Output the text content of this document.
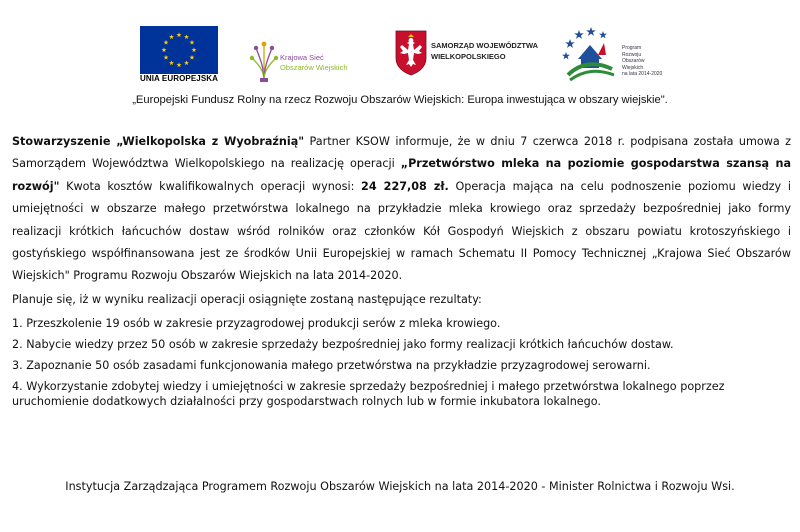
UNIA EUROPEJSKA
Krajowa Sieć
Obszarów Wiejskich
SAMORZĄD WOJEWÓDZTWA
WIELKOPOLSKIEGO
Program
Rozwoju
Obszarów
Wiejskich
na lata 2014-2020

„Europejski Fundusz Rolny na rzecz Rozwoju Obszarów Wiejskich: Europa inwestująca w obszary wiejskie".

Stowarzyszenie „Wielkopolska z Wyobraźnią" Partner KSOW informuje, że w dniu 7 czerwca 2018 r. podpisana została umowa z Samorządem Województwa Wielkopolskiego na realizację operacji „Przetwórstwo mleka na poziomie gospodarstwa szansą na rozwój" Kwota kosztów kwalifikowalnych operacji wynosi: 24 227,08 zł. Operacja mająca na celu podnoszenie poziomu wiedzy i umiejętności w obszarze małego przetwórstwa lokalnego na przykładzie mleka krowiego oraz sprzedaży bezpośredniej jako formy realizacji krótkich łańcuchów dostaw wśród rolników oraz członków Kół Gospodyń Wiejskich z obszaru powiatu krotoszyńskiego i gostyńskiego współfinansowana jest ze środków Unii Europejskiej w ramach Schematu II Pomocy Technicznej „Krajowa Sieć Obszarów Wiejskich" Programu Rozwoju Obszarów Wiejskich na lata 2014-2020.

Planuje się, iż w wyniku realizacji operacji osiągnięte zostaną następujące rezultaty:

1. Przeszkolenie 19 osób w zakresie przyzagrodowej produkcji serów z mleka krowiego.
2. Nabycie wiedzy przez 50 osób w zakresie sprzedaży bezpośredniej jako formy realizacji krótkich łańcuchów dostaw.
3. Zapoznanie 50 osób zasadami funkcjonowania małego przetwórstwa na przykładzie przyzagrodowej serowarni.
4. Wykorzystanie zdobytej wiedzy i umiejętności w zakresie sprzedaży bezpośredniej i małego przetwórstwa lokalnego poprzez uruchomienie dodatkowych działalności przy gospodarstwach rolnych lub w formie inkubatora lokalnego.

Instytucja Zarządzająca Programem Rozwoju Obszarów Wiejskich na lata 2014-2020 - Minister Rolnictwa i Rozwoju Wsi.
